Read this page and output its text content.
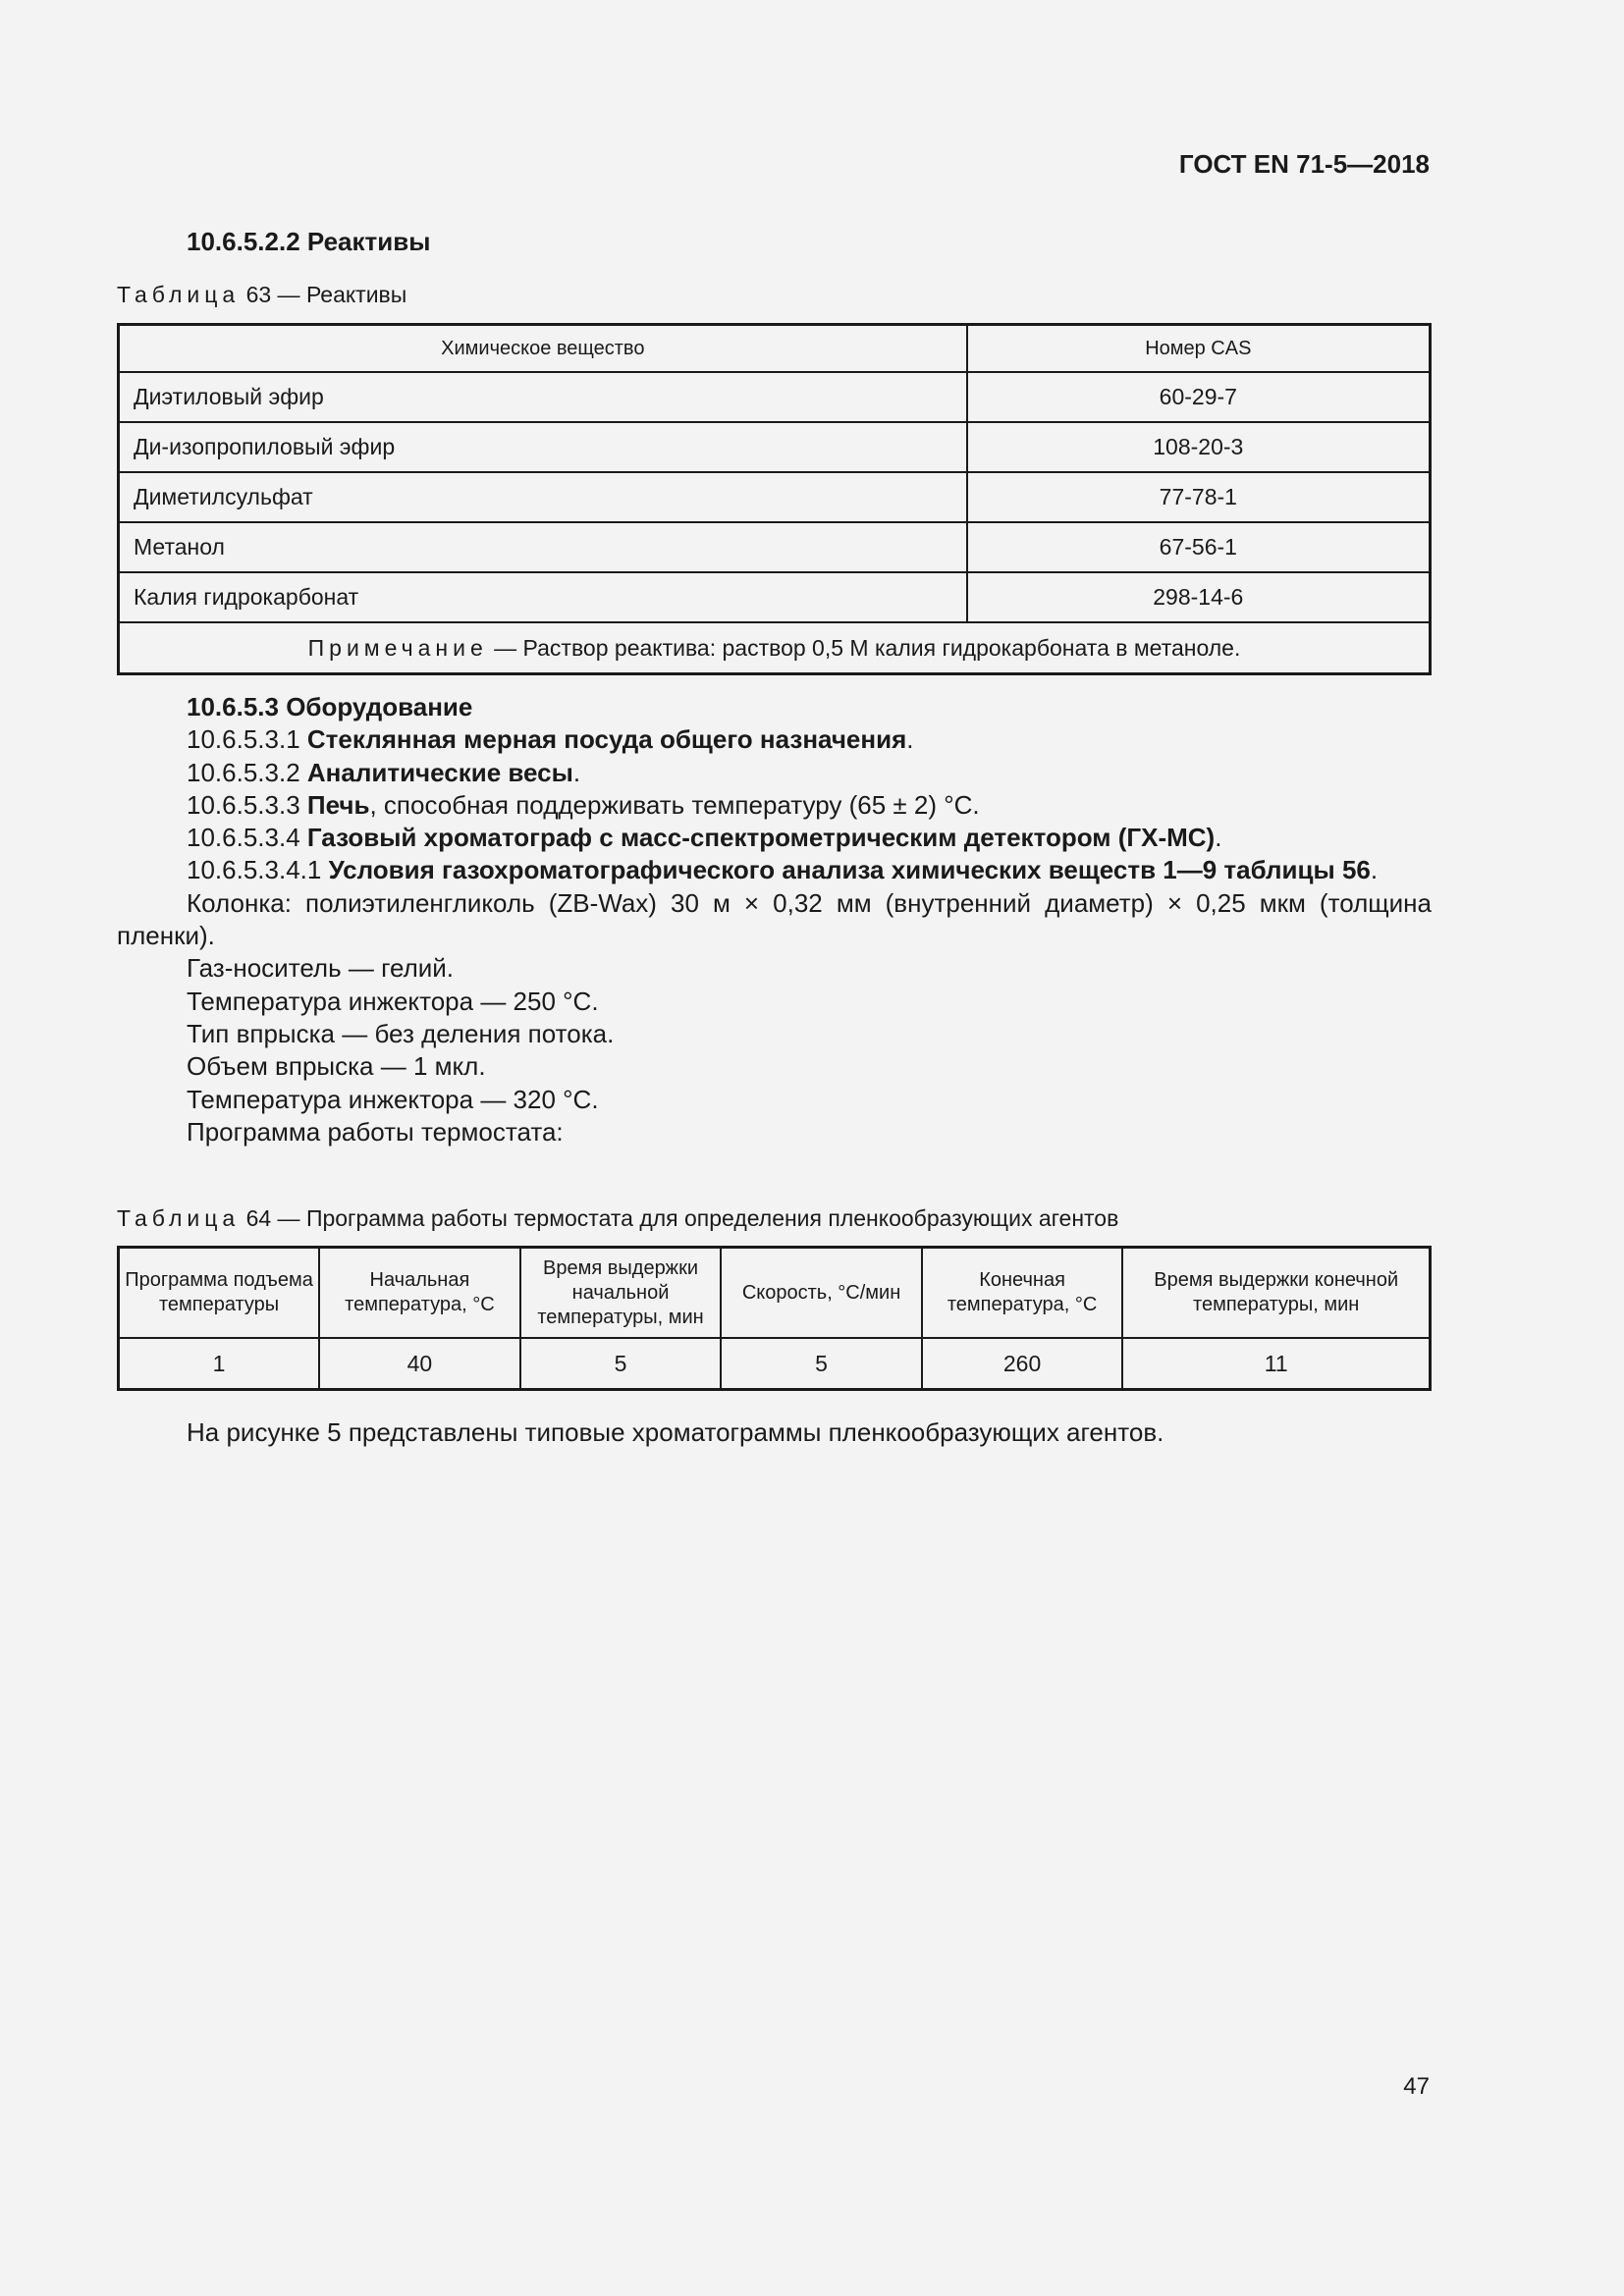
ГОСТ EN 71-5—2018
10.6.5.2.2 Реактивы
Таблица 63 — Реактивы
Химическое вещество	Номер CAS
Диэтиловый эфир	60-29-7
Ди-изопропиловый эфир	108-20-3
Диметилсульфат	77-78-1
Метанол	67-56-1
Калия гидрокарбонат	298-14-6
Примечание — Раствор реактива: раствор 0,5 М калия гидрокарбоната в метаноле.	

10.6.5.3 Оборудование

10.6.5.3.1 Стеклянная мерная посуда общего назначения.

10.6.5.3.2 Аналитические весы.

10.6.5.3.3 Печь, способная поддерживать температуру (65 ± 2) °С.

10.6.5.3.4 Газовый хроматограф с масс-спектрометрическим детектором (ГХ-МС).

10.6.5.3.4.1 Условия газохроматографического анализа химических веществ 1—9 таблицы 56.

Колонка: полиэтиленгликоль (ZB-Wax) 30 м × 0,32 мм (внутренний диаметр) × 0,25 мкм (толщина пленки).

Газ-носитель — гелий.

Температура инжектора — 250 °С.

Тип впрыска — без деления потока.

Объем впрыска — 1 мкл.

Температура инжектора — 320 °С.

Программа работы термостата:

Таблица 64 — Программа работы термостата для определения пленкообразующих агентов
Программа подъема температуры	Начальная температура, °С	Время выдержки начальной температуры, мин	Скорость, °С/мин	Конечная температура, °С	Время выдержки конечной температуры, мин
1	40	5	5	260	11
На рисунке 5 представлены типовые хроматограммы пленкообразующих агентов.
47
